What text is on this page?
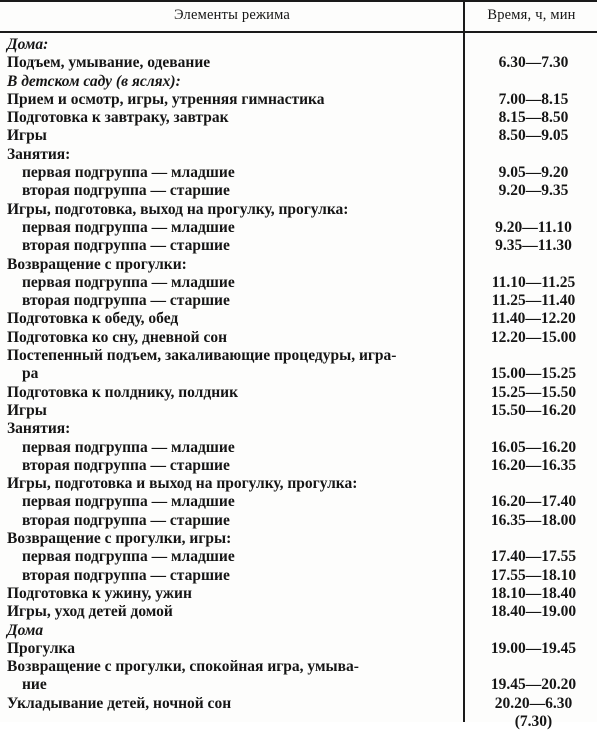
Элементы режима	Время, ч, мин
Дома:
Подъем, умывание, одевание	6.30—7.30
В детском саду (в яслях):
Прием и осмотр, игры, утренняя гимнастика	7.00—8.15
Подготовка к завтраку, завтрак	8.15—8.50
Игры	8.50—9.05
Занятия:
первая подгруппа — младшие	9.05—9.20
вторая подгруппа — старшие	9.20—9.35
Игры, подготовка, выход на прогулку, прогулка:
первая подгруппа — младшие	9.20—11.10
вторая подгруппа — старшие	9.35—11.30
Возвращение с прогулки:
первая подгруппа — младшие	11.10—11.25
вторая подгруппа — старшие	11.25—11.40
Подготовка к обеду, обед	11.40—12.20
Подготовка ко сну, дневной сон	12.20—15.00
Постепенный подъем, закаливающие процедуры, игра-
ра	15.00—15.25
Подготовка к полднику, полдник	15.25—15.50
Игры	15.50—16.20
Занятия:
первая подгруппа — младшие	16.05—16.20
вторая подгруппа — старшие	16.20—16.35
Игры, подготовка и выход на прогулку, прогулка:
первая подгруппа — младшие	16.20—17.40
вторая подгруппа — старшие	16.35—18.00
Возвращение с прогулки, игры:
первая подгруппа — младшие	17.40—17.55
вторая подгруппа — старшие	17.55—18.10
Подготовка к ужину, ужин	18.10—18.40
Игры, уход детей домой	18.40—19.00
Дома
Прогулка	19.00—19.45
Возвращение с прогулки, спокойная игра, умыва-
ние	19.45—20.20
Укладывание детей, ночной сон	20.20—6.30
(7.30)
